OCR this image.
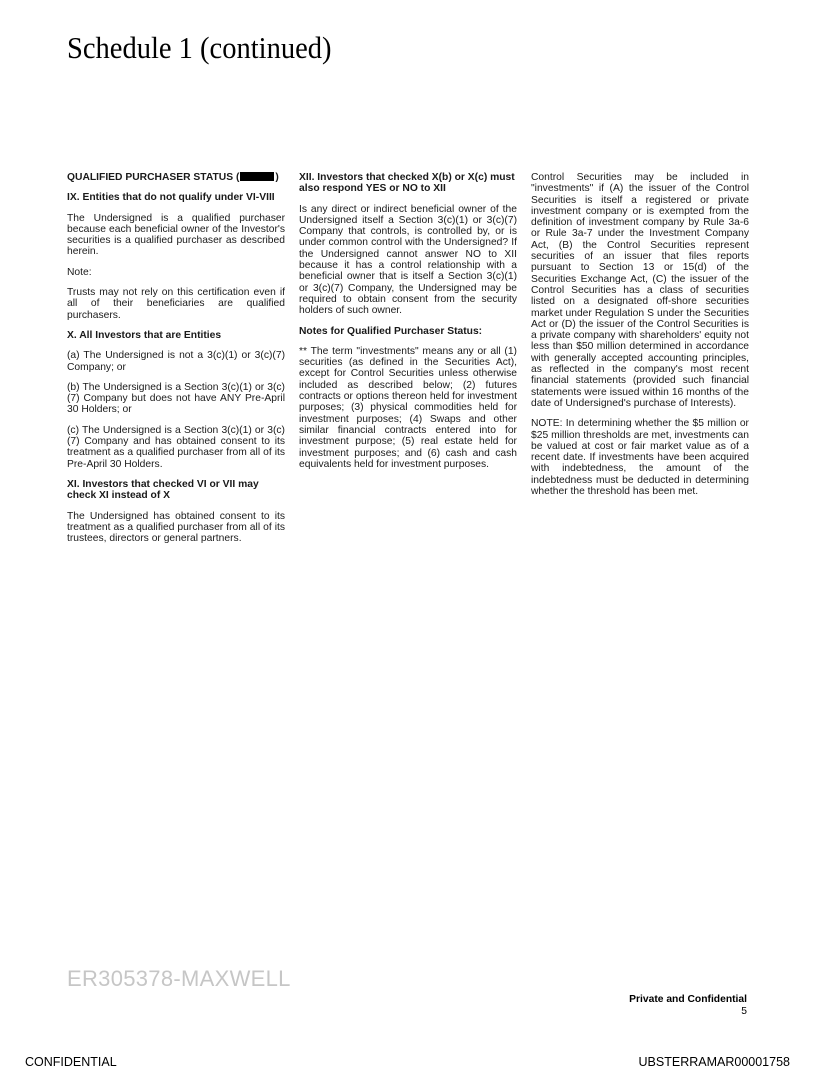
Schedule 1 (continued)
QUALIFIED PURCHASER STATUS (	)
IX. Entities that do not qualify under VI-VIII

The Undersigned is a qualified purchaser because each beneficial owner of the Investor's securities is a qualified purchaser as described herein.

Note:

Trusts may not rely on this certification even if all of their beneficiaries are qualified purchasers.

X. All Investors that are Entities

(a) The Undersigned is not a 3(c)(1) or 3(c)(7) Company; or

(b) The Undersigned is a Section 3(c)(1) or 3(c)(7) Company but does not have ANY Pre-April 30 Holders; or

(c) The Undersigned is a Section 3(c)(1) or 3(c)(7) Company and has obtained consent to its treatment as a qualified purchaser from all of its Pre-April 30 Holders.

XI. Investors that checked VI or VII may check XI instead of X

The Undersigned has obtained consent to its treatment as a qualified purchaser from all of its trustees, directors or general partners.

XII. Investors that checked X(b) or X(c) must also respond YES or NO to XII

Is any direct or indirect beneficial owner of the Undersigned itself a Section 3(c)(1) or 3(c)(7) Company that controls, is controlled by, or is under common control with the Undersigned? If the Undersigned cannot answer NO to XII because it has a control relationship with a beneficial owner that is itself a Section 3(c)(1) or 3(c)(7) Company, the Undersigned may be required to obtain consent from the security holders of such owner.

Notes for Qualified Purchaser Status:

** The term "investments" means any or all (1) securities (as defined in the Securities Act), except for Control Securities unless otherwise included as described below; (2) futures contracts or options thereon held for investment purposes; (3) physical commodities held for investment purposes; (4) Swaps and other similar financial contracts entered into for investment purpose; (5) real estate held for investment purposes; and (6) cash and cash equivalents held for investment purposes.

Control Securities may be included in "investments" if (A) the issuer of the Control Securities is itself a registered or private investment company or is exempted from the definition of investment company by Rule 3a-6 or Rule 3a-7 under the Investment Company Act, (B) the Control Securities represent securities of an issuer that files reports pursuant to Section 13 or 15(d) of the Securities Exchange Act, (C) the issuer of the Control Securities has a class of securities listed on a designated off-shore securities market under Regulation S under the Securities Act or (D) the issuer of the Control Securities is a private company with shareholders' equity not less than $50 million determined in accordance with generally accepted accounting principles, as reflected in the company's most recent financial statements (provided such financial statements were issued within 16 months of the date of Undersigned's purchase of Interests).

NOTE: In determining whether the $5 million or $25 million thresholds are met, investments can be valued at cost or fair market value as of a recent date. If investments have been acquired with indebtedness, the amount of the indebtedness must be deducted in determining whether the threshold has been met.

ER305378-MAXWELL
Private and Confidential
5
CONFIDENTIAL	UBSTERRAMAR00001758
